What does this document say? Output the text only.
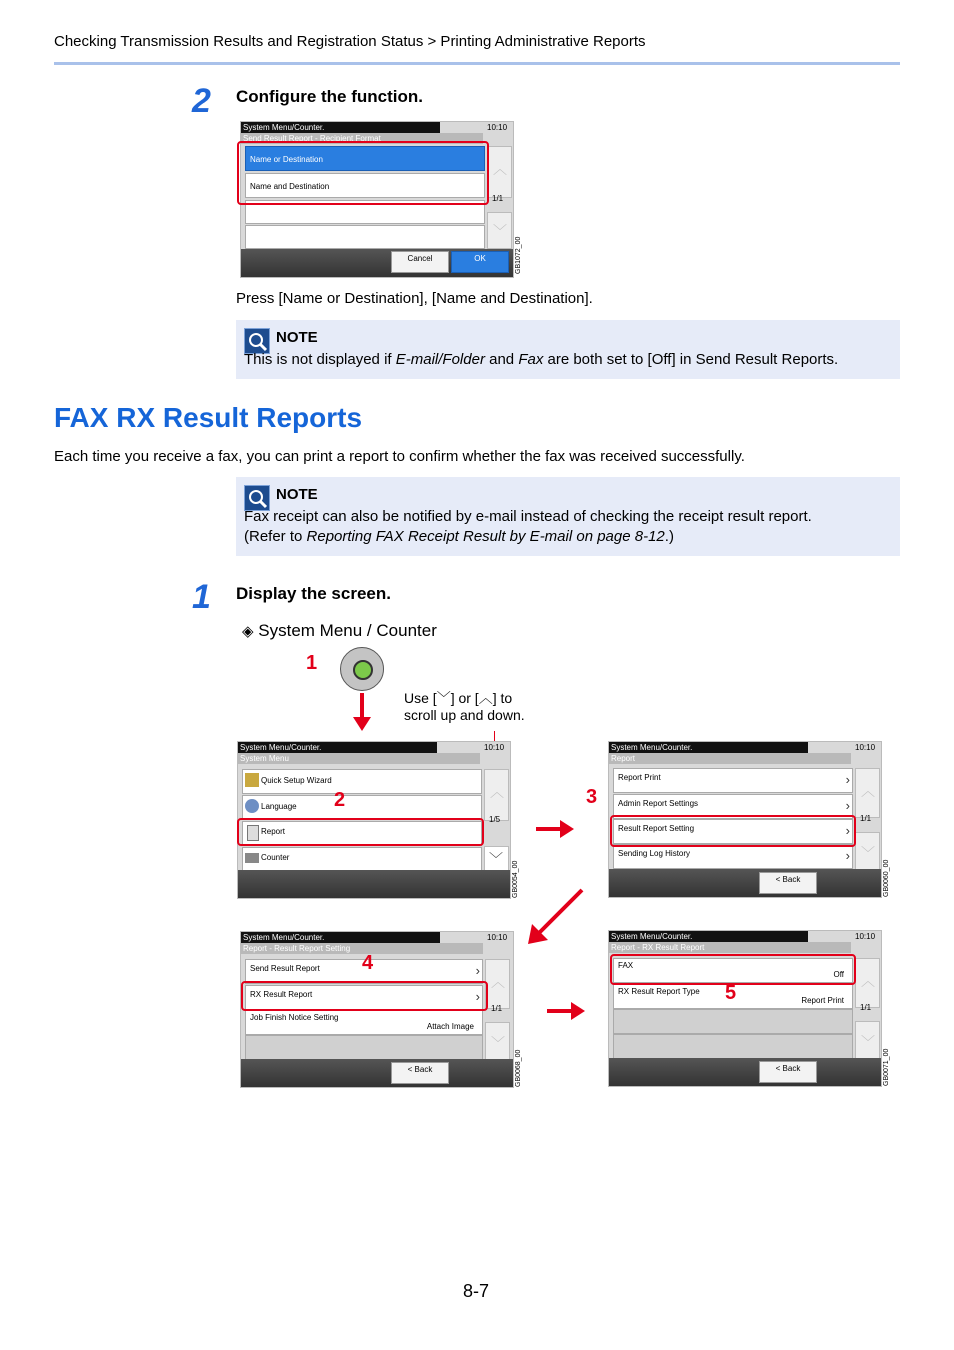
Checking Transmission Results and Registration Status > Printing Administrative Reports
2 Configure the function.
System Menu/Counter.
Send Result Report - Recipient Format
10:10
Name or Destination
Name and Destination
︿
1/1
﹀
Cancel	OK	GB1072_00
Press [Name or Destination], [Name and Destination].
NOTE
This is not displayed if E-mail/Folder and Fax are both set to [Off] in Send Result Reports.
FAX RX Result Reports
Each time you receive a fax, you can print a report to confirm whether the fax was received successfully.
NOTE
Fax receipt can also be notified by e-mail instead of checking the receipt result report.
(Refer to Reporting FAX Receipt Result by E-mail on page 8-12.)
1 Display the screen.
◈ System Menu / Counter
1
Use [﹀] or [︿] to
scroll up and down.
System Menu/Counter.
System Menu
10:10
Quick Setup Wizard
Language
Report
Counter
︿
1/5
﹀
GB0054_00
2
System Menu/Counter.
Report
10:10
Report Print	›
Admin Report Settings	›
Result Report Setting	›
Sending Log History	›
︿
1/1
﹀
< Back	GB0060_00
3
System Menu/Counter.
Report - Result Report Setting
10:10
Send Result Report	›
RX Result Report	›
Job Finish Notice Setting
Attach Image
︿
1/1
﹀
< Back	GB0068_00
4
System Menu/Counter.
Report - RX Result Report
10:10
FAX
Off
RX Result Report Type
Report Print
︿
1/1
﹀
< Back	GB0071_00
5
8-7
